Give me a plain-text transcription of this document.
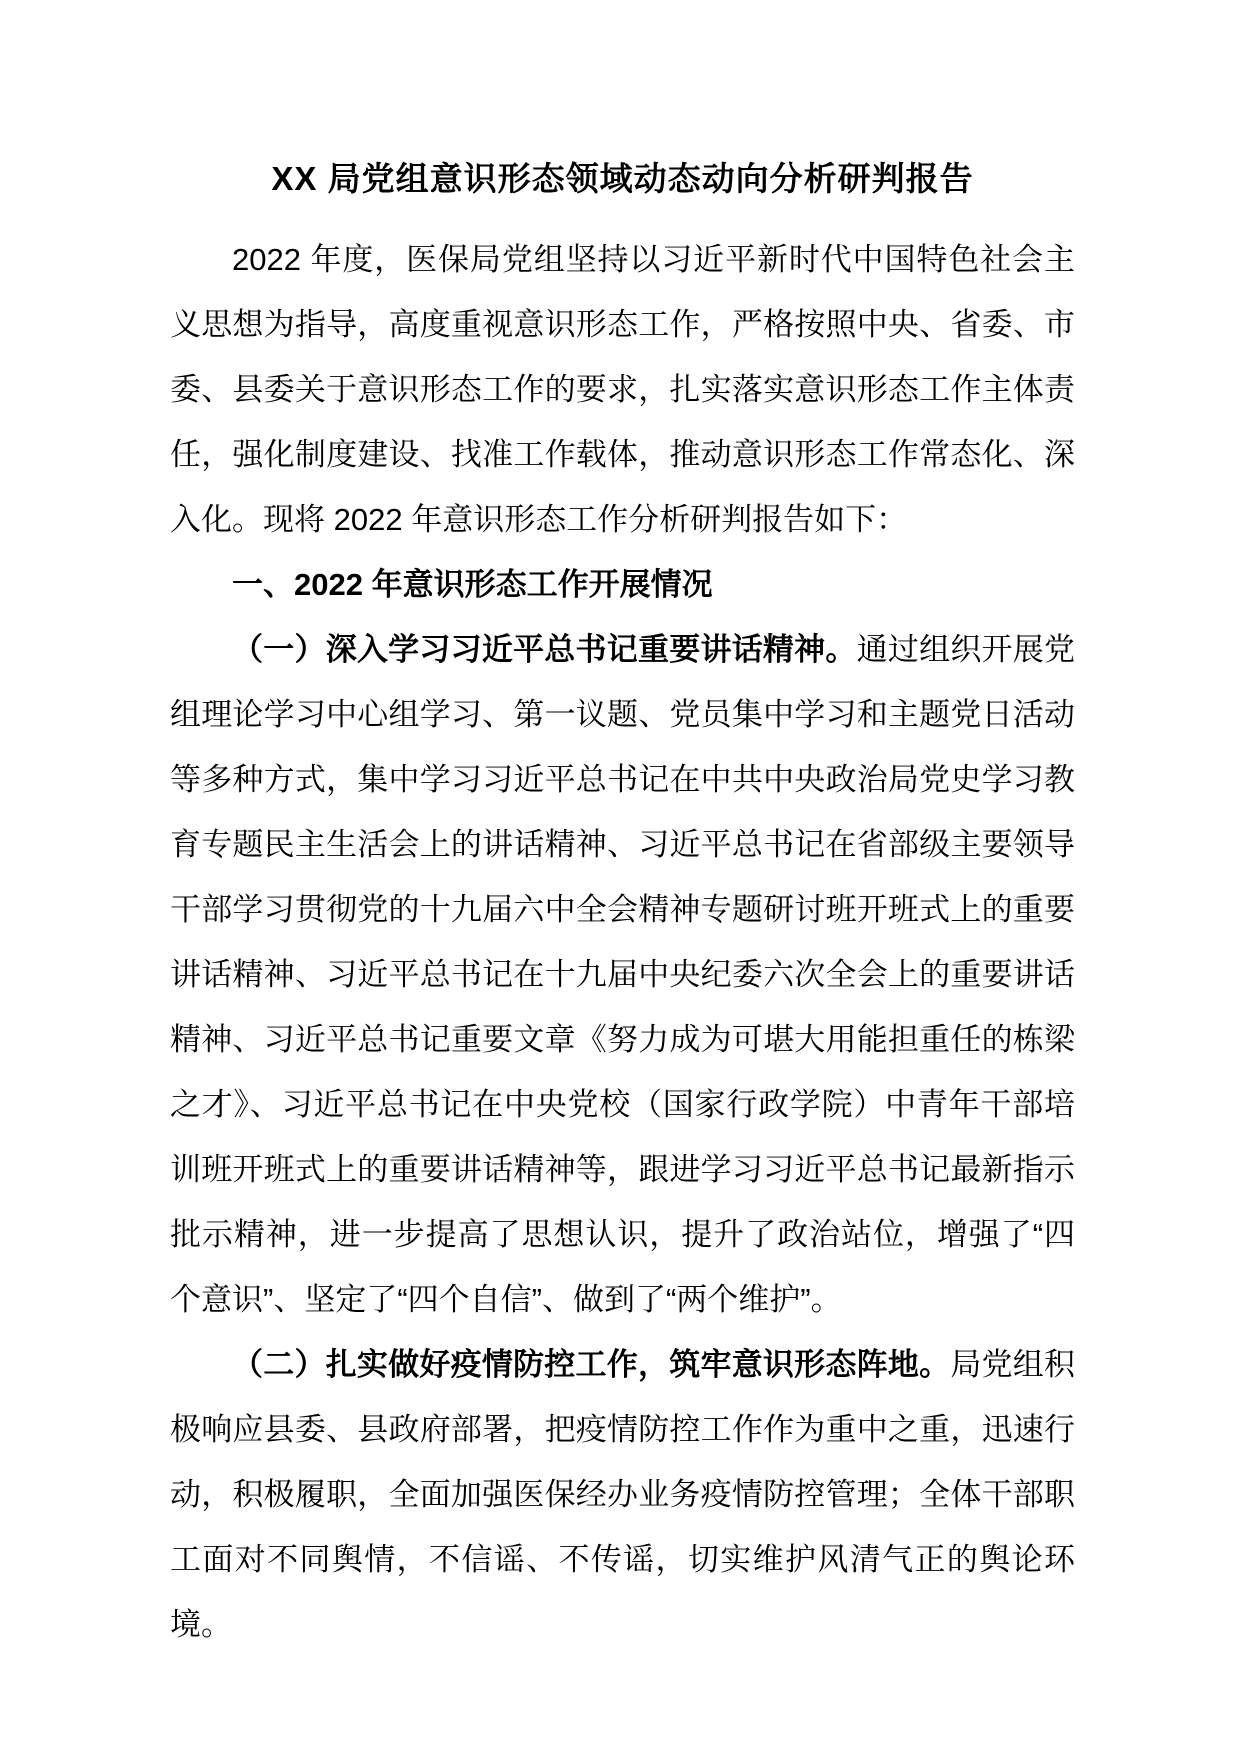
XX 局党组意识形态领域动态动向分析研判报告

2022 年度，医保局党组坚持以习近平新时代中国特色社会主义思想为指导，高度重视意识形态工作，严格按照中央、省委、市委、县委关于意识形态工作的要求，扎实落实意识形态工作主体责任，强化制度建设、找准工作载体，推动意识形态工作常态化、深入化。现将 2022 年意识形态工作分析研判报告如下：

一、2022 年意识形态工作开展情况

（一）深入学习习近平总书记重要讲话精神。通过组织开展党组理论学习中心组学习、第一议题、党员集中学习和主题党日活动等多种方式，集中学习习近平总书记在中共中央政治局党史学习教育专题民主生活会上的讲话精神、习近平总书记在省部级主要领导干部学习贯彻党的十九届六中全会精神专题研讨班开班式上的重要讲话精神、习近平总书记在十九届中央纪委六次全会上的重要讲话精神、习近平总书记重要文章《努力成为可堪大用能担重任的栋梁之才》、习近平总书记在中央党校（国家行政学院）中青年干部培训班开班式上的重要讲话精神等，跟进学习习近平总书记最新指示批示精神，进一步提高了思想认识，提升了政治站位，增强了“四个意识”、坚定了“四个自信”、做到了“两个维护”。

（二）扎实做好疫情防控工作，筑牢意识形态阵地。局党组积极响应县委、县政府部署，把疫情防控工作作为重中之重，迅速行动，积极履职，全面加强医保经办业务疫情防控管理；全体干部职工面对不同舆情，不信谣、不传谣，切实维护风清气正的舆论环境。
